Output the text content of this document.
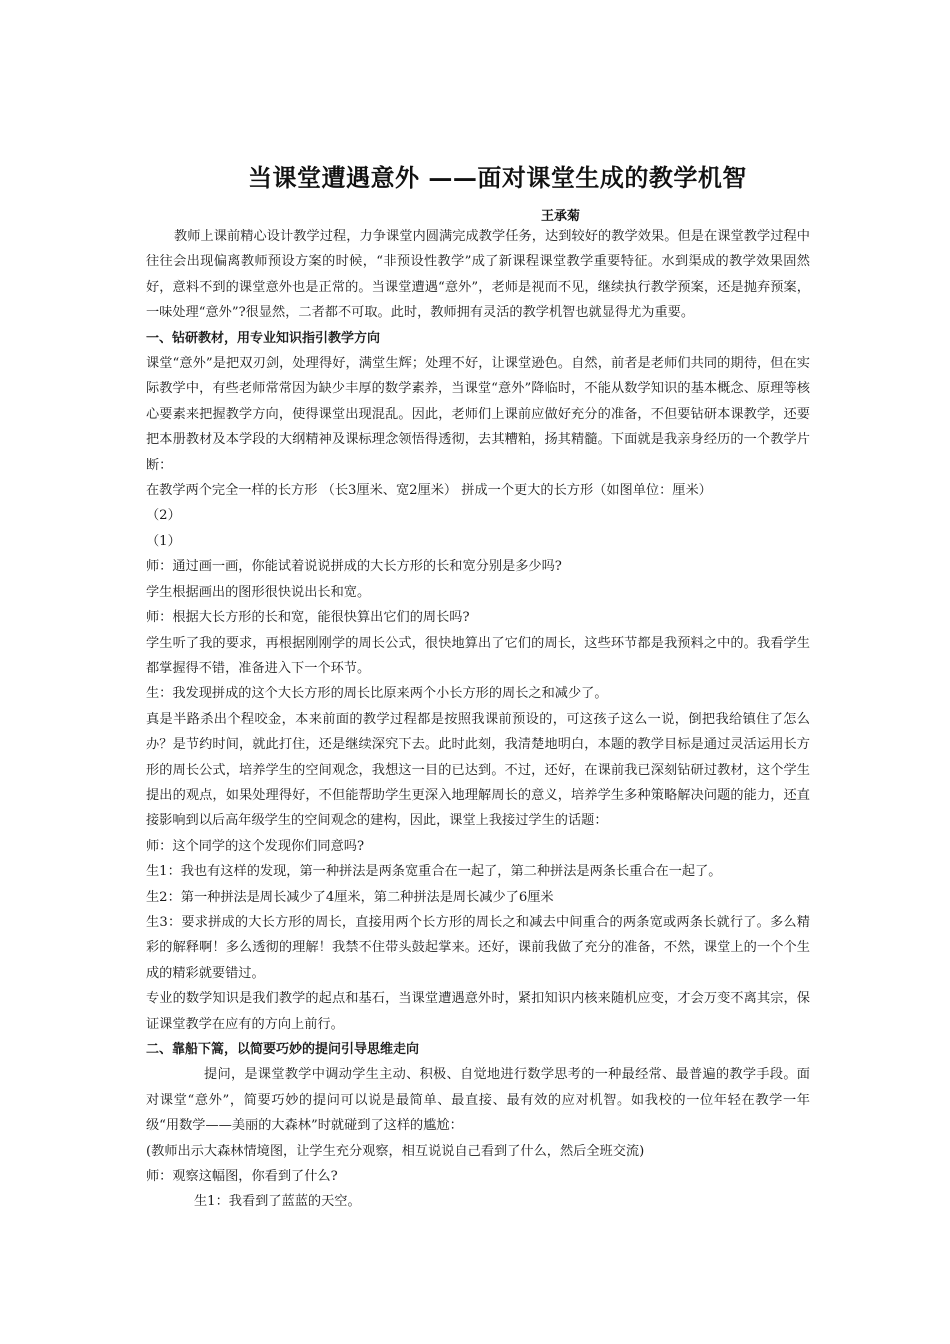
当课堂遭遇意外 ——面对课堂生成的教学机智
王承菊

教师上课前精心设计教学过程，力争课堂内圆满完成教学任务，达到较好的教学效果。但是在课堂教学过程中往往会出现偏离教师预设方案的时候，“非预设性教学”成了新课程课堂教学重要特征。水到渠成的教学效果固然好，意料不到的课堂意外也是正常的。当课堂遭遇“意外”，老师是视而不见，继续执行教学预案，还是抛弃预案，一味处理“意外”?很显然，二者都不可取。此时，教师拥有灵活的教学机智也就显得尤为重要。

一、钻研教材，用专业知识指引教学方向

课堂“意外”是把双刃剑，处理得好，满堂生辉；处理不好，让课堂逊色。自然，前者是老师们共同的期待，但在实际教学中，有些老师常常因为缺少丰厚的数学素养，当课堂“意外”降临时，不能从数学知识的基本概念、原理等核心要素来把握教学方向，使得课堂出现混乱。因此，老师们上课前应做好充分的准备，不但要钻研本课教学，还要把本册教材及本学段的大纲精神及课标理念领悟得透彻，去其糟粕，扬其精髓。下面就是我亲身经历的一个教学片断：

在教学两个完全一样的长方形 （长3厘米、宽2厘米） 拼成一个更大的长方形（如图单位：厘米）

（2）

（1）

师：通过画一画，你能试着说说拼成的大长方形的长和宽分别是多少吗?

学生根据画出的图形很快说出长和宽。

师：根据大长方形的长和宽，能很快算出它们的周长吗?

学生听了我的要求，再根据刚刚学的周长公式，很快地算出了它们的周长，这些环节都是我预料之中的。我看学生都掌握得不错，准备进入下一个环节。

生：我发现拼成的这个大长方形的周长比原来两个小长方形的周长之和减少了。

真是半路杀出个程咬金，本来前面的教学过程都是按照我课前预设的，可这孩子这么一说，倒把我给镇住了怎么办？是节约时间，就此打住，还是继续深究下去。此时此刻，我清楚地明白，本题的教学目标是通过灵活运用长方形的周长公式，培养学生的空间观念，我想这一目的已达到。不过，还好，在课前我已深刻钻研过教材，这个学生提出的观点，如果处理得好，不但能帮助学生更深入地理解周长的意义，培养学生多种策略解决问题的能力，还直接影响到以后高年级学生的空间观念的建构，因此，课堂上我接过学生的话题：

师：这个同学的这个发现你们同意吗?

生1：我也有这样的发现，第一种拼法是两条宽重合在一起了，第二种拼法是两条长重合在一起了。

生2：第一种拼法是周长减少了4厘米，第二种拼法是周长减少了6厘米

生3：要求拼成的大长方形的周长，直接用两个长方形的周长之和减去中间重合的两条宽或两条长就行了。多么精彩的解释啊！多么透彻的理解！我禁不住带头鼓起掌来。还好，课前我做了充分的准备，不然，课堂上的一个个生成的精彩就要错过。

专业的数学知识是我们教学的起点和基石，当课堂遭遇意外时，紧扣知识内核来随机应变，才会万变不离其宗，保证课堂教学在应有的方向上前行。

二、靠船下篙，以简要巧妙的提问引导思维走向

提问，是课堂教学中调动学生主动、积极、自觉地进行数学思考的一种最经常、最普遍的教学手段。面对课堂“意外”，简要巧妙的提问可以说是最简单、最直接、最有效的应对机智。如我校的一位年轻在教学一年级“用数学——美丽的大森林”时就碰到了这样的尴尬：

(教师出示大森林情境图，让学生充分观察，相互说说自己看到了什么，然后全班交流)

师：观察这幅图，你看到了什么?

生1：我看到了蓝蓝的天空。
